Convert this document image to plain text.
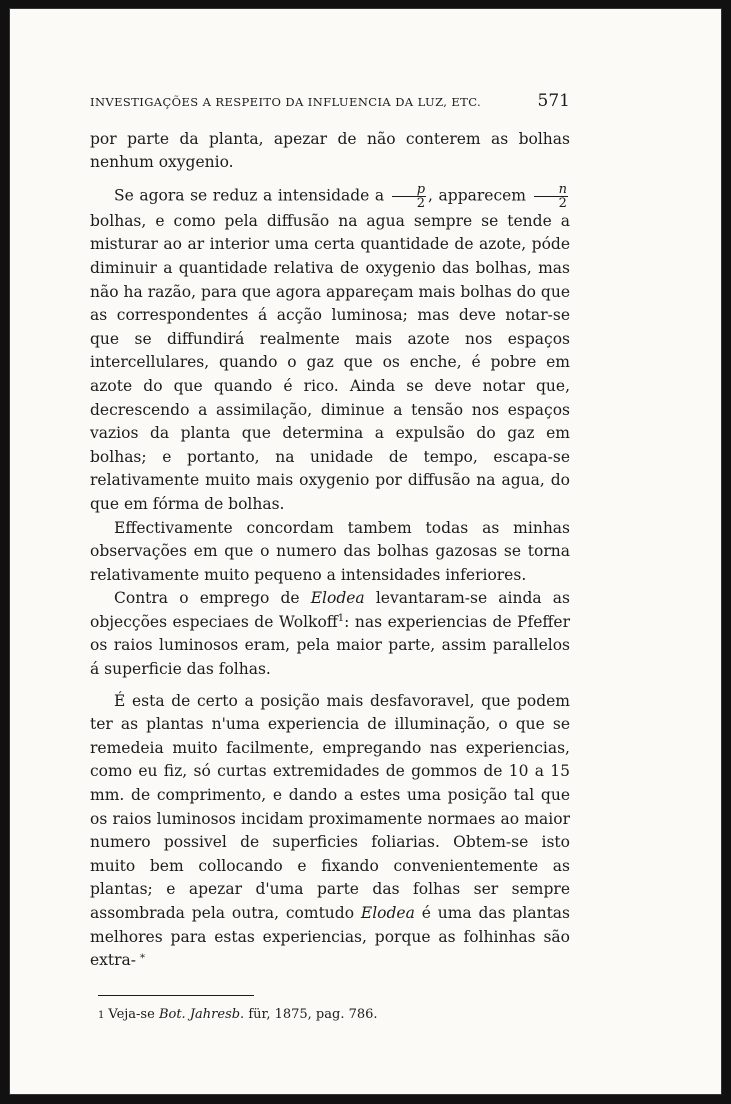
INVESTIGAÇÕES A RESPEITO DA INFLUENCIA DA LUZ, ETC.	571

por parte da planta, apezar de não conterem as bolhas nenhum oxygenio.

Se agora se reduz a intensidade a $\frac{p}{2}$ , apparecem $\frac{n}{2}$
bolhas, e como pela diffusão na agua sempre se tende a misturar ao ar interior uma certa quantidade de azote, póde diminuir a quantidade relativa de oxygenio das bolhas, mas não ha razão, para que agora appareçam mais bolhas do que as correspondentes á acção luminosa; mas deve notar-se que se diffundirá realmente mais azote nos espaços intercellulares, quando o gaz que os enche, é pobre em azote do que quando é rico. Ainda se deve notar que, decrescendo a assimilação, diminue a tensão nos espaços vazios da planta que determina a expulsão do gaz em bolhas; e portanto, na unidade de tempo, escapa-se relativamente muito mais oxygenio por diffusão na agua, do que em fórma de bolhas.

Effectivamente concordam tambem todas as minhas observações em que o numero das bolhas gazosas se torna relativamente muito pequeno a intensidades inferiores.

Contra o emprego de Elodea levantaram-se ainda as objecções especiaes de Wolkoff$^1$: nas experiencias de Pfeffer os raios luminosos eram, pela maior parte, assim parallelos á superficie das folhas.

É esta de certo a posição mais desfavoravel, que podem ter as plantas n'uma experiencia de illuminação, o que se remedeia muito facilmente, empregando nas experiencias, como eu fiz, só curtas extremidades de gommos de 10 a 15 mm. de comprimento, e dando a estes uma posição tal que os raios luminosos incidam proximamente normaes ao maior numero possivel de superficies foliarias. Obtem-se isto muito bem collocando e fixando convenientemente as plantas; e apezar d'uma parte das folhas ser sempre assombrada pela outra, comtudo Elodea é uma das plantas melhores para estas experiencias, porque as folhinhas são extra-

1 Veja-se Bot. Jahresb. für, 1875, pag. 786.
*
